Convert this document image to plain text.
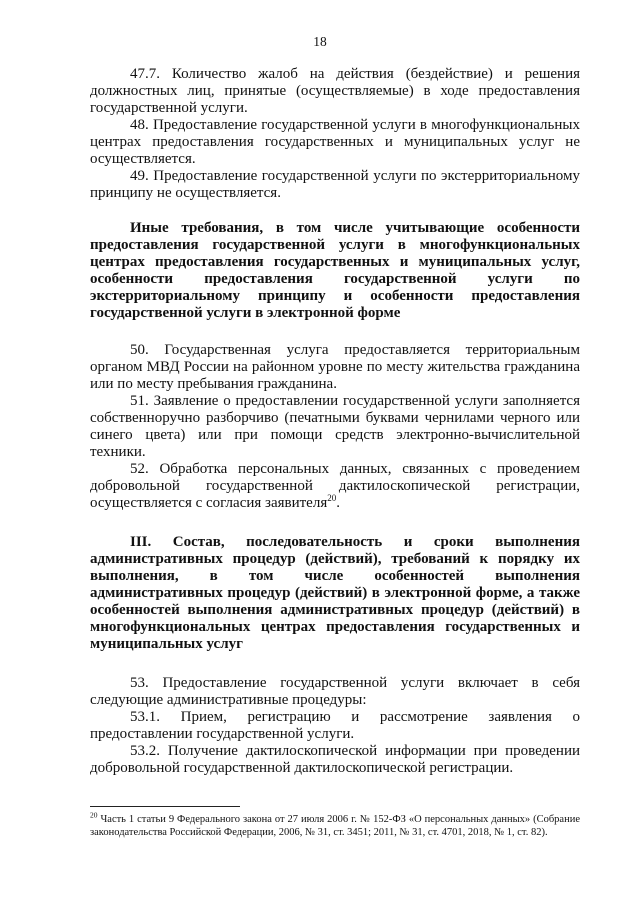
18

47.7. Количество жалоб на действия (бездействие) и решения должностных лиц, принятые (осуществляемые) в ходе предоставления государственной услуги.

48. Предоставление государственной услуги в многофункциональных центрах предоставления государственных и муниципальных услуг не осуществляется.

49. Предоставление государственной услуги по экстерриториальному принципу не осуществляется.

Иные требования, в том числе учитывающие особенности предоставления государственной услуги в многофункциональных центрах предоставления государственных и муниципальных услуг, особенности предоставления государственной услуги по экстерриториальному принципу и особенности предоставления государственной услуги в электронной форме

50. Государственная услуга предоставляется территориальным органом МВД России на районном уровне по месту жительства гражданина или по месту пребывания гражданина.

51. Заявление о предоставлении государственной услуги заполняется собственноручно разборчиво (печатными буквами чернилами черного или синего цвета) или при помощи средств электронно-вычислительной техники.

52. Обработка персональных данных, связанных с проведением добровольной государственной дактилоскопической регистрации, осуществляется с согласия заявителя$^{20}$.

III. Состав, последовательность и сроки выполнения административных процедур (действий), требований к порядку их выполнения, в том числе особенностей выполнения административных процедур (действий) в электронной форме, а также особенностей выполнения административных процедур (действий) в многофункциональных центрах предоставления государственных и муниципальных услуг

53. Предоставление государственной услуги включает в себя следующие административные процедуры:

53.1. Прием, регистрацию и рассмотрение заявления о предоставлении государственной услуги.

53.2. Получение дактилоскопической информации при проведении добровольной государственной дактилоскопической регистрации.

$^{20}$ Часть 1 статьи 9 Федерального закона от 27 июля 2006 г. № 152-ФЗ «О персональных данных» (Собрание законодательства Российской Федерации, 2006, № 31, ст. 3451; 2011, № 31, ст. 4701, 2018, № 1, ст. 82).
